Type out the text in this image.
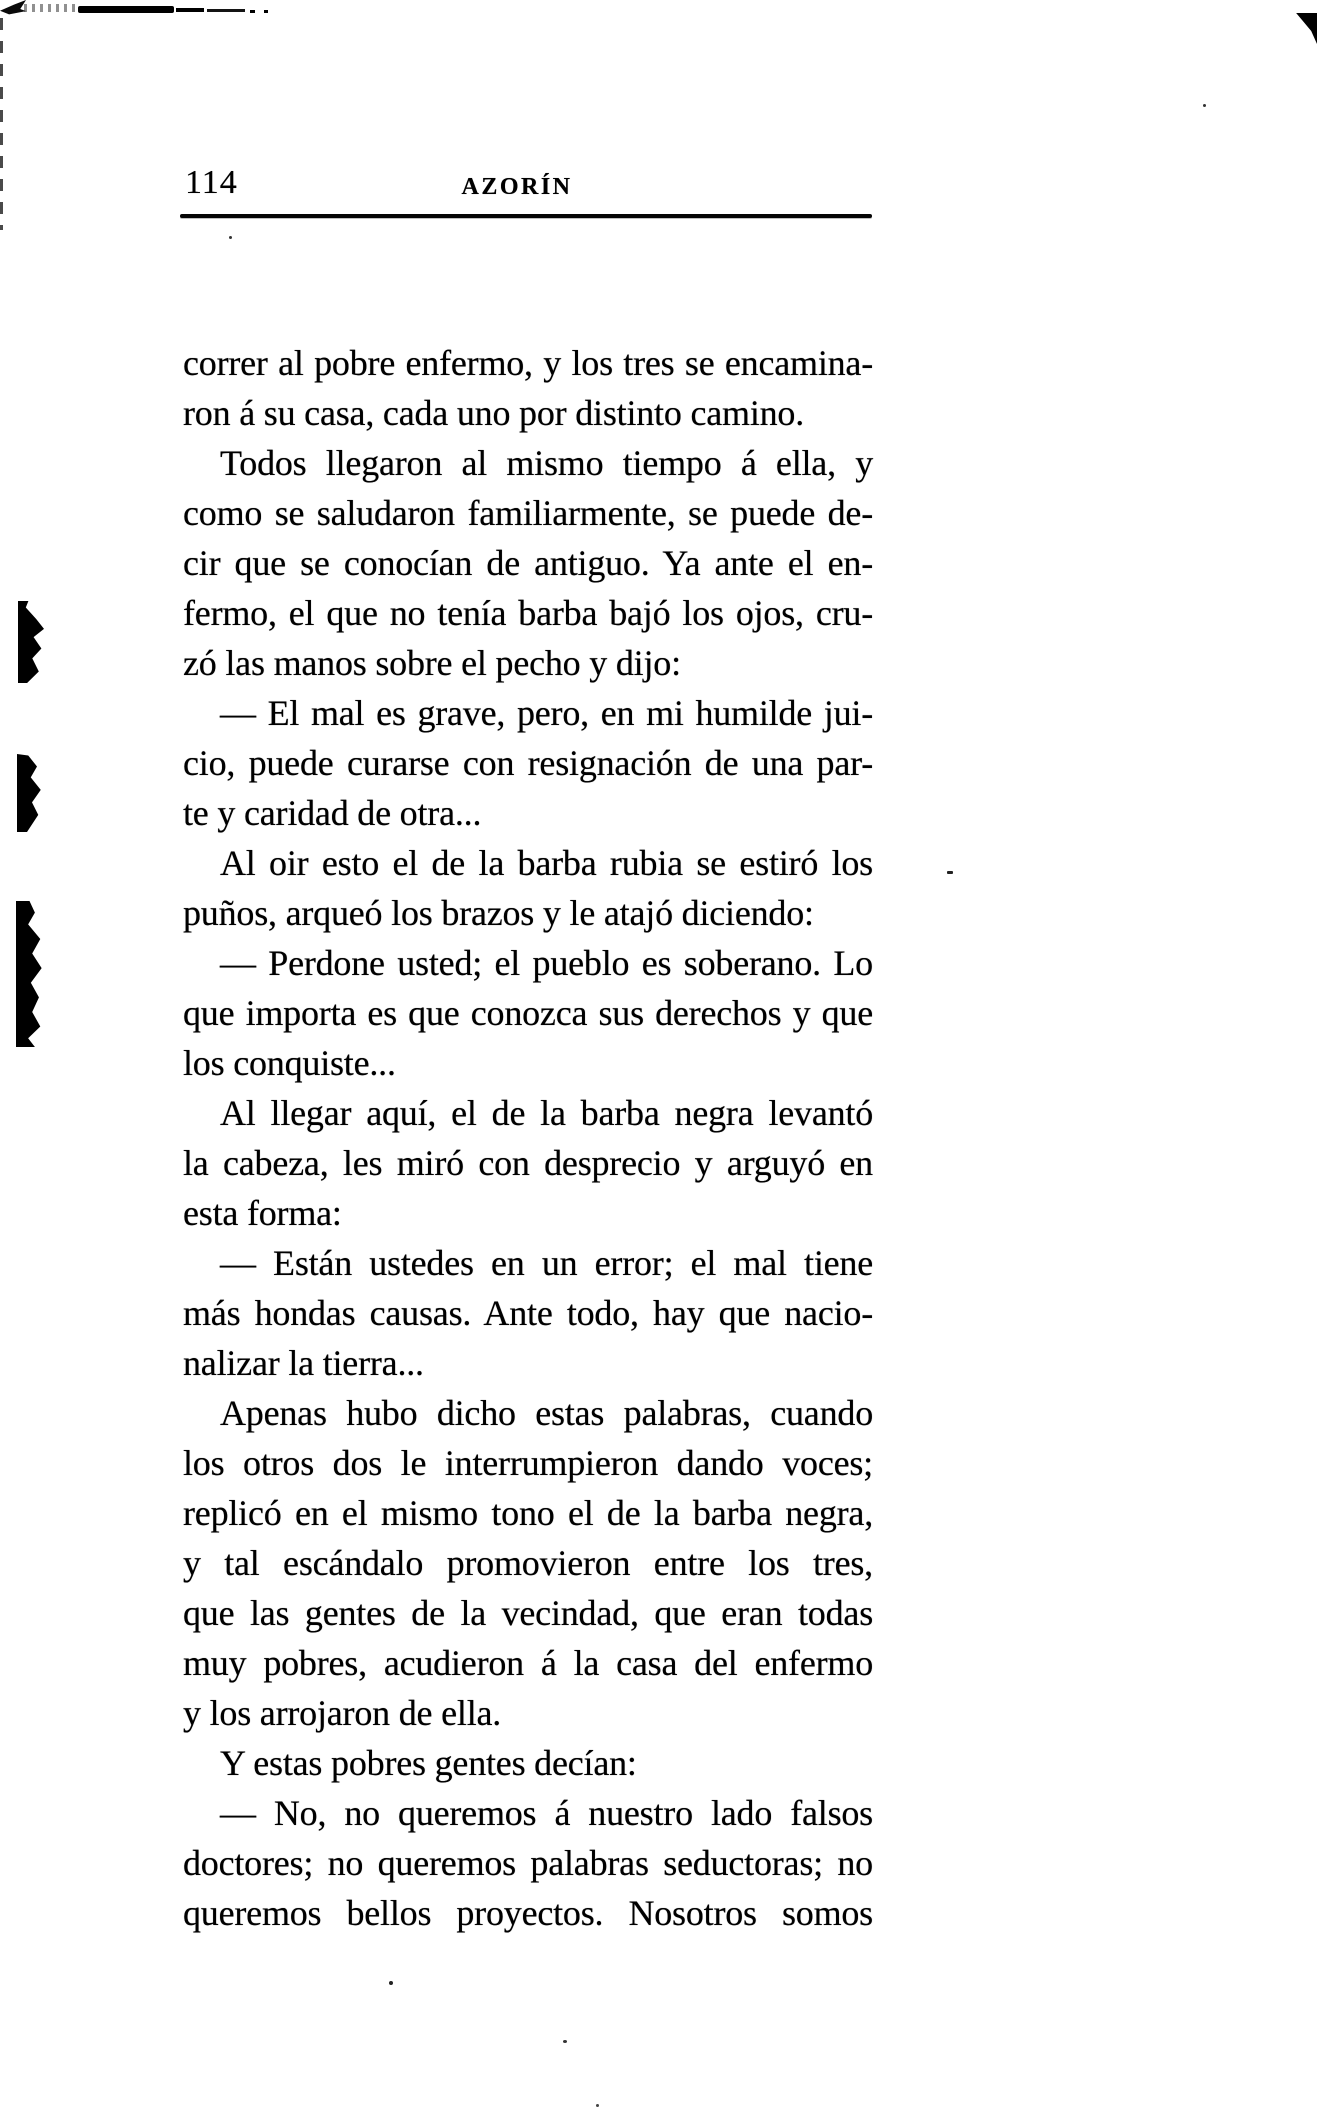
114	AZORÍN
correr al pobre enfermo, y los tres se encamina-
ron á su casa, cada uno por distinto camino.
Todos llegaron al mismo tiempo á ella, y
como se saludaron familiarmente, se puede de-
cir que se conocían de antiguo. Ya ante el en-
fermo, el que no tenía barba bajó los ojos, cru-
zó las manos sobre el pecho y dijo:
— El mal es grave, pero, en mi humilde jui-
cio, puede curarse con resignación de una par-
te y caridad de otra...
Al oir esto el de la barba rubia se estiró los
puños, arqueó los brazos y le atajó diciendo:
— Perdone usted; el pueblo es soberano. Lo
que importa es que conozca sus derechos y que
los conquiste...
Al llegar aquí, el de la barba negra levantó
la cabeza, les miró con desprecio y arguyó en
esta forma:
— Están ustedes en un error; el mal tiene
más hondas causas. Ante todo, hay que nacio-
nalizar la tierra...
Apenas hubo dicho estas palabras, cuando
los otros dos le interrumpieron dando voces;
replicó en el mismo tono el de la barba negra,
y tal escándalo promovieron entre los tres,
que las gentes de la vecindad, que eran todas
muy pobres, acudieron á la casa del enfermo
y los arrojaron de ella.
Y estas pobres gentes decían:
— No, no queremos á nuestro lado falsos
doctores; no queremos palabras seductoras; no
queremos bellos proyectos. Nosotros somos
